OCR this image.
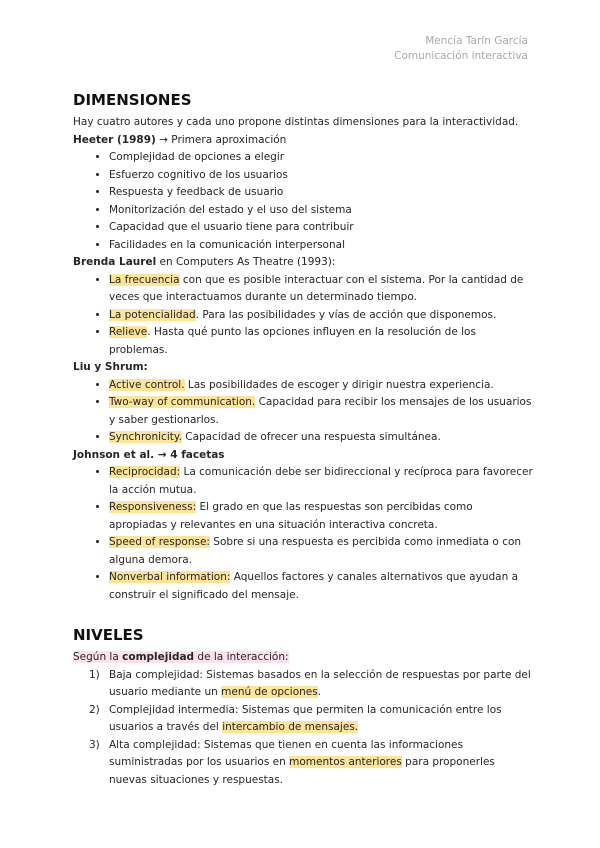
Mencía Tarín García
Comunicación interactiva
DIMENSIONES

Hay cuatro autores y cada uno propone distintas dimensiones para la interactividad.

Heeter (1989) → Primera aproximación

• Complejidad de opciones a elegir
• Esfuerzo cognitivo de los usuarios
• Respuesta y feedback de usuario
• Monitorización del estado y el uso del sistema
• Capacidad que el usuario tiene para contribuir
• Facilidades en la comunicación interpersonal

Brenda Laurel en Computers As Theatre (1993):

• La frecuencia con que es posible interactuar con el sistema. Por la cantidad de veces que interactuamos durante un determinado tiempo.
• La potencialidad. Para las posibilidades y vías de acción que disponemos.
• Relieve. Hasta qué punto las opciones influyen en la resolución de los problemas.

Liu y Shrum:

• Active control. Las posibilidades de escoger y dirigir nuestra experiencia.
• Two-way of communication. Capacidad para recibir los mensajes de los usuarios y saber gestionarlos.
• Synchronicity. Capacidad de ofrecer una respuesta simultánea.

Johnson et al. → 4 facetas

• Reciprocidad: La comunicación debe ser bidireccional y recíproca para favorecer la acción mutua.
• Responsiveness: El grado en que las respuestas son percibidas como apropiadas y relevantes en una situación interactiva concreta.
• Speed of response: Sobre si una respuesta es percibida como inmediata o con alguna demora.
• Nonverbal information: Aquellos factores y canales alternativos que ayudan a construir el significado del mensaje.
NIVELES

Según la complejidad de la interacción:

1) Baja complejidad: Sistemas basados en la selección de respuestas por parte del usuario mediante un menú de opciones.
2) Complejidad intermedia: Sistemas que permiten la comunicación entre los usuarios a través del intercambio de mensajes.
3) Alta complejidad: Sistemas que tienen en cuenta las informaciones suministradas por los usuarios en momentos anteriores para proponerles nuevas situaciones y respuestas.
